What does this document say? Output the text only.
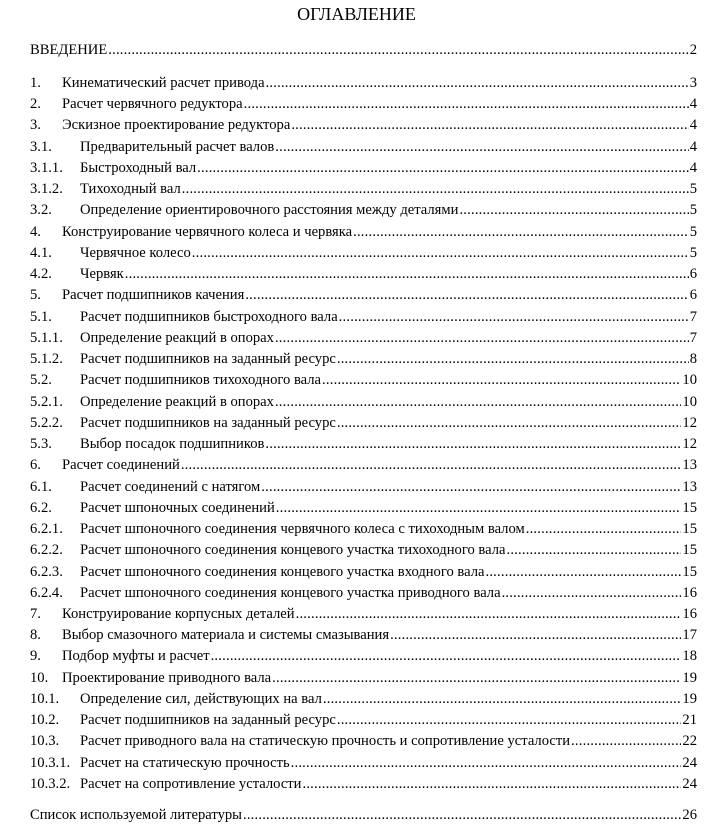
ОГЛАВЛЕНИЕ
ВВЕДЕНИЕ .....	2
1.	Кинематический расчет привода .....	3
2.	Расчет червячного редуктора .....	4
3.	Эскизное проектирование редуктора .....	4
3.1.	Предварительный расчет валов .....	4
3.1.1.	Быстроходный вал .....	4
3.1.2.	Тихоходный вал .....	5
3.2.	Определение ориентировочного расстояния между деталями .....	5
4.	Конструирование червячного колеса и червяка .....	5
4.1.	Червячное колесо .....	5
4.2.	Червяк .....	6
5.	Расчет подшипников качения .....	6
5.1.	Расчет подшипников быстроходного вала .....	7
5.1.1.	Определение реакций в опорах .....	7
5.1.2.	Расчет подшипников на заданный ресурс .....	8
5.2.	Расчет подшипников тихоходного вала .....	10
5.2.1.	Определение реакций в опорах .....	10
5.2.2.	Расчет подшипников на заданный ресурс .....	12
5.3.	Выбор посадок подшипников .....	12
6.	Расчет соединений .....	13
6.1.	Расчет соединений с натягом .....	13
6.2.	Расчет шпоночных соединений .....	15
6.2.1.	Расчет шпоночного соединения червячного колеса с тихоходным валом .....	15
6.2.2.	Расчет шпоночного соединения концевого участка тихоходного вала .....	15
6.2.3.	Расчет шпоночного соединения концевого участка входного вала .....	15
6.2.4.	Расчет шпоночного соединения концевого участка приводного вала .....	16
7.	Конструирование корпусных деталей .....	16
8.	Выбор смазочного материала и системы смазывания .....	17
9.	Подбор муфты и расчет .....	18
10. Проектирование приводного вала .....	19
10.1.	Определение сил, действующих на вал .....	19
10.2.	Расчет подшипников на заданный ресурс .....	21
10.3.	Расчет приводного вала на статическую прочность и сопротивление усталости .....	22
10.3.1. Расчет на статическую прочность .....	24
10.3.2. Расчет на сопротивление усталости .....	24
Список используемой литературы .....	26
